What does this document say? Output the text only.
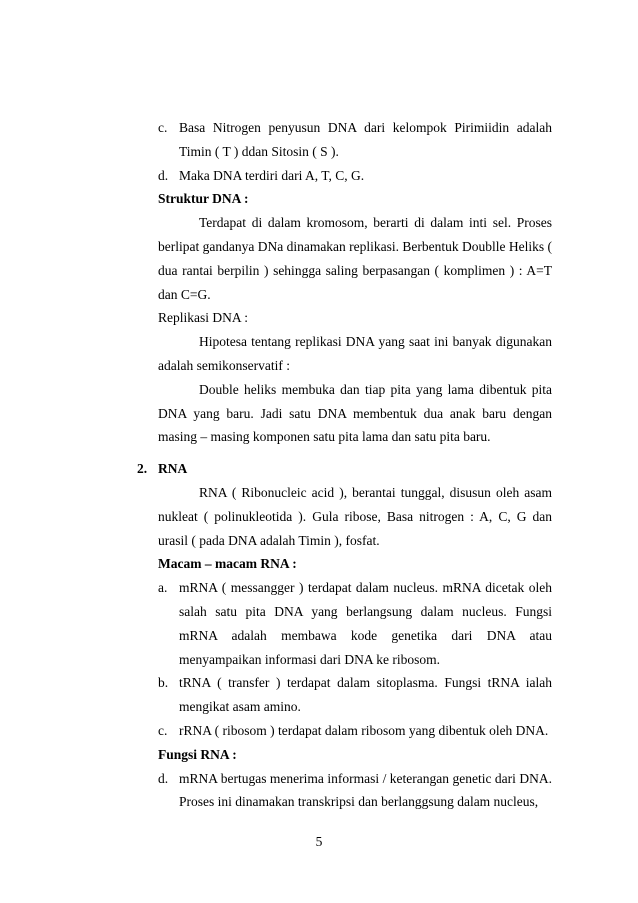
c. Basa Nitrogen penyusun DNA dari kelompok Pirimiidin adalah Timin ( T ) ddan Sitosin ( S ).
d. Maka DNA terdiri dari A, T, C, G.
Struktur DNA :

Terdapat di dalam kromosom, berarti di dalam inti sel. Proses berlipat gandanya DNa dinamakan replikasi. Berbentuk Doublle Heliks ( dua rantai berpilin ) sehingga saling berpasangan ( komplimen ) : A=T dan C=G.

Replikasi DNA :

Hipotesa tentang replikasi DNA yang saat ini banyak digunakan adalah semikonservatif :

Double heliks membuka dan tiap pita yang lama dibentuk pita DNA yang baru. Jadi satu DNA membentuk dua anak baru dengan masing – masing komponen satu pita lama dan satu pita baru.

2. RNA

RNA ( Ribonucleic acid ), berantai tunggal, disusun oleh asam nukleat ( polinukleotida ). Gula ribose, Basa nitrogen : A, C, G dan urasil ( pada DNA adalah Timin ), fosfat.

Macam – macam RNA :
a. mRNA ( messangger ) terdapat dalam nucleus. mRNA dicetak oleh salah satu pita DNA yang berlangsung dalam nucleus. Fungsi mRNA adalah membawa kode genetika dari DNA atau menyampaikan informasi dari DNA ke ribosom.
b. tRNA ( transfer ) terdapat dalam sitoplasma. Fungsi tRNA ialah mengikat asam amino.
c. rRNA ( ribosom ) terdapat dalam ribosom yang dibentuk oleh DNA.
Fungsi RNA :
d. mRNA bertugas menerima informasi / keterangan genetic dari DNA. Proses ini dinamakan transkripsi dan berlanggsung dalam nucleus,
5
